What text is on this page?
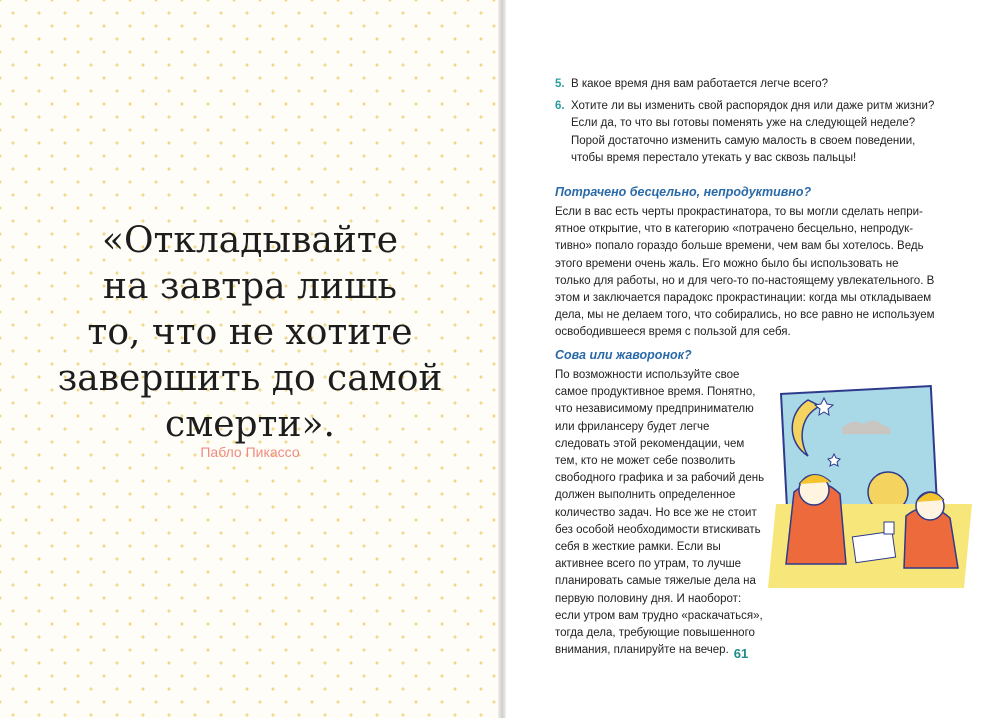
«Откладывайте
на завтра лишь
то, что не хотите
завершить до самой
смерти».
Пабло Пикассо
5. В какое время дня вам работается легче всего?
6. Хотите ли вы изменить свой распорядок дня или даже ритм жизни? Если да, то что вы готовы поменять уже на следующей неделе? Порой достаточно изменить самую малость в своем поведении, чтобы время перестало утекать у вас сквозь пальцы!
Потрачено бесцельно, непродуктивно?

Если в вас есть черты прокрастинатора, то вы могли сделать неприятное открытие, что в категорию «потрачено бесцельно, непродуктивно» попало гораздо больше времени, чем вам бы хотелось. Ведь этого времени очень жаль. Его можно было бы использовать не только для работы, но и для чего-то по-настоящему увлекательного. В этом и заключается парадокс прокрастинации: когда мы откладываем дела, мы не делаем того, что собирались, но все равно не используем освободившееся время с пользой для себя.

Сова или жаворонок?

По возможности используйте свое самое продуктивное время. Понятно, что независимому предпринимателю или фрилансеру будет легче следовать этой рекомендации, чем тем, кто не может себе позволить свободного графика и за рабочий день должен выполнить определенное количество задач. Но все же не стоит без особой необходимости втискивать себя в жесткие рамки. Если вы активнее всего по утрам, то лучше планировать самые тяжелые дела на первую половину дня. И наоборот: если утром вам трудно «раскачаться», тогда дела, требующие повышенного внимания, планируйте на вечер. 61
